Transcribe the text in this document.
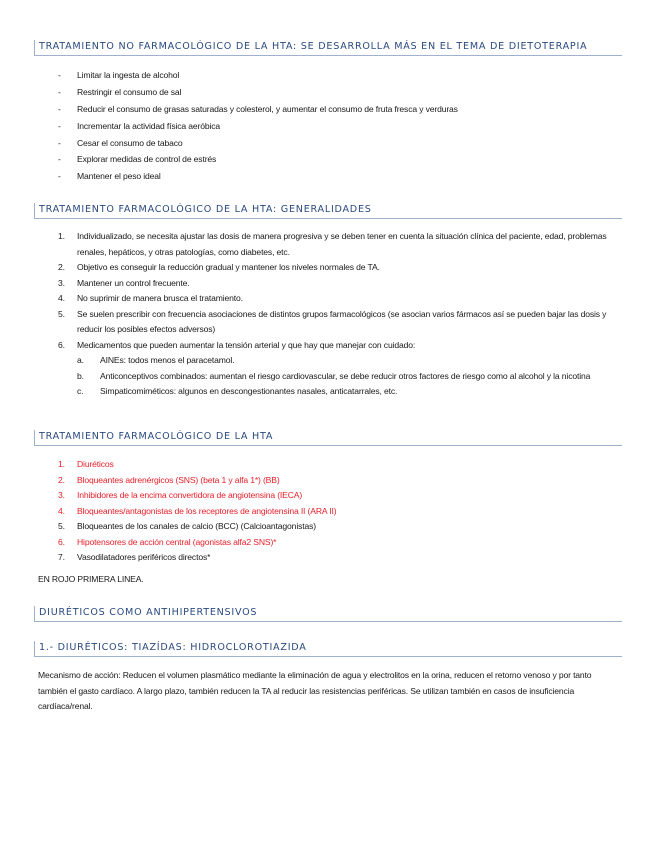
TRATAMIENTO NO FARMACOLÓGICO DE LA HTA: SE DESARROLLA MÁS EN EL TEMA DE DIETOTERAPIA
- Limitar la ingesta de alcohol
- Restringir el consumo de sal
- Reducir el consumo de grasas saturadas y colesterol, y aumentar el consumo de fruta fresca y verduras
- Incrementar la actividad física aeróbica
- Cesar el consumo de tabaco
- Explorar medidas de control de estrés
- Mantener el peso ideal
TRATAMIENTO FARMACOLÓGICO DE LA HTA: GENERALIDADES
1. Individualizado, se necesita ajustar las dosis de manera progresiva y se deben tener en cuenta la situación clínica del paciente, edad, problemas renales, hepáticos, y otras patologías, como diabetes, etc.
2. Objetivo es conseguir la reducción gradual y mantener los niveles normales de TA.
3. Mantener un control frecuente.
4. No suprimir de manera brusca el tratamiento.
5. Se suelen prescribir con frecuencia asociaciones de distintos grupos farmacológicos (se asocian varios fármacos así se pueden bajar las dosis y reducir los posibles efectos adversos)
6. Medicamentos que pueden aumentar la tensión arterial y que hay que manejar con cuidado:
a. AINEs: todos menos el paracetamol.
b. Anticonceptivos combinados: aumentan el riesgo cardiovascular, se debe reducir otros factores de riesgo como al alcohol y la nicotina
c. Simpaticomiméticos: algunos en descongestionantes nasales, anticatarrales, etc.
TRATAMIENTO FARMACOLÓGICO DE LA HTA
1. Diuréticos
2. Bloqueantes adrenérgicos (SNS) (beta 1 y alfa 1*) (BB)
3. Inhibidores de la encima convertidora de angiotensina (IECA)
4. Bloqueantes/antagonistas de los receptores de angiotensina II (ARA II)
5. Bloqueantes de los canales de calcio (BCC) (Calcioantagonistas)
6. Hipotensores de acción central (agonistas alfa2 SNS)*
7. Vasodilatadores periféricos directos*
EN ROJO PRIMERA LINEA.
DIURÉTICOS COMO ANTIHIPERTENSIVOS
1.- DIURÉTICOS: TIAZÍDAS: HIDROCLOROTIAZIDA
Mecanismo de acción: Reducen el volumen plasmático mediante la eliminación de agua y electrolitos en la orina, reducen el retorno venoso y por tanto también el gasto cardíaco. A largo plazo, también reducen la TA al reducir las resistencias periféricas. Se utilizan también en casos de insuficiencia cardíaca/renal.
